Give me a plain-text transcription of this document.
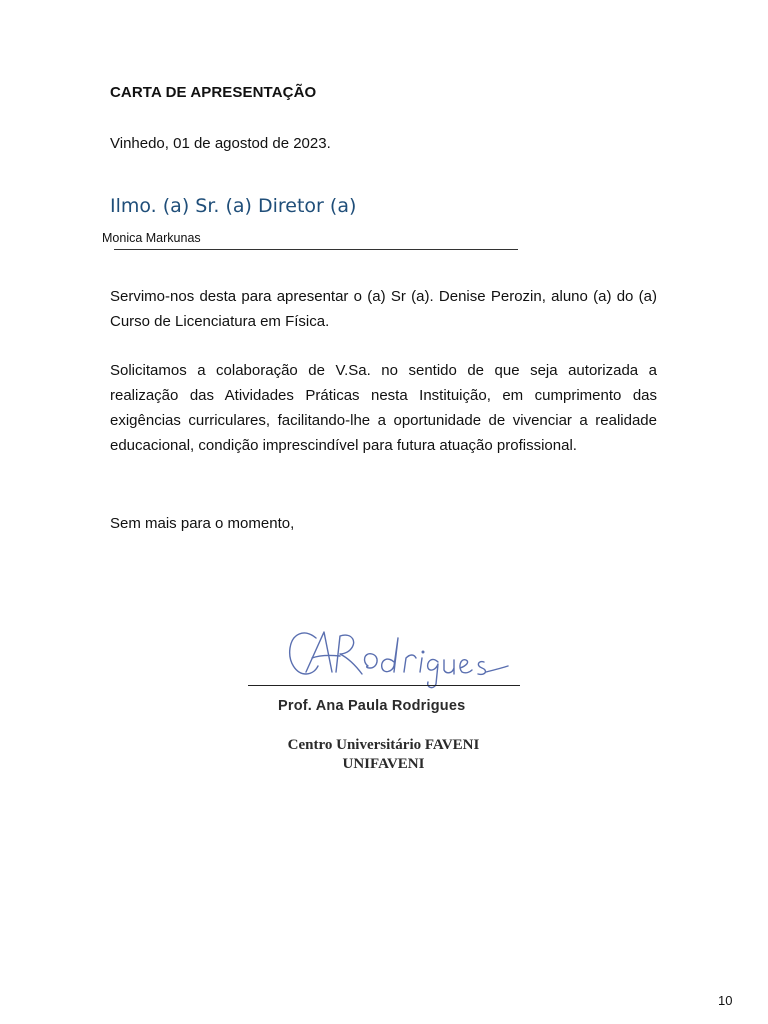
CARTA DE APRESENTAÇÃO
Vinhedo, 01 de agostod de 2023.
Ilmo. (a) Sr. (a) Diretor (a)
Monica Markunas
Servimo-nos desta para apresentar o (a) Sr (a). Denise Perozin, aluno (a) do (a) Curso de Licenciatura em Física.
Solicitamos a colaboração de V.Sa. no sentido de que seja autorizada a realização das Atividades Práticas nesta Instituição, em cumprimento das exigências curriculares, facilitando-lhe a oportunidade de vivenciar a realidade educacional, condição imprescindível para futura atuação profissional.
Sem mais para o momento,
Prof. Ana Paula Rodrigues
Centro Universitário FAVENI
UNIFAVENI
10
